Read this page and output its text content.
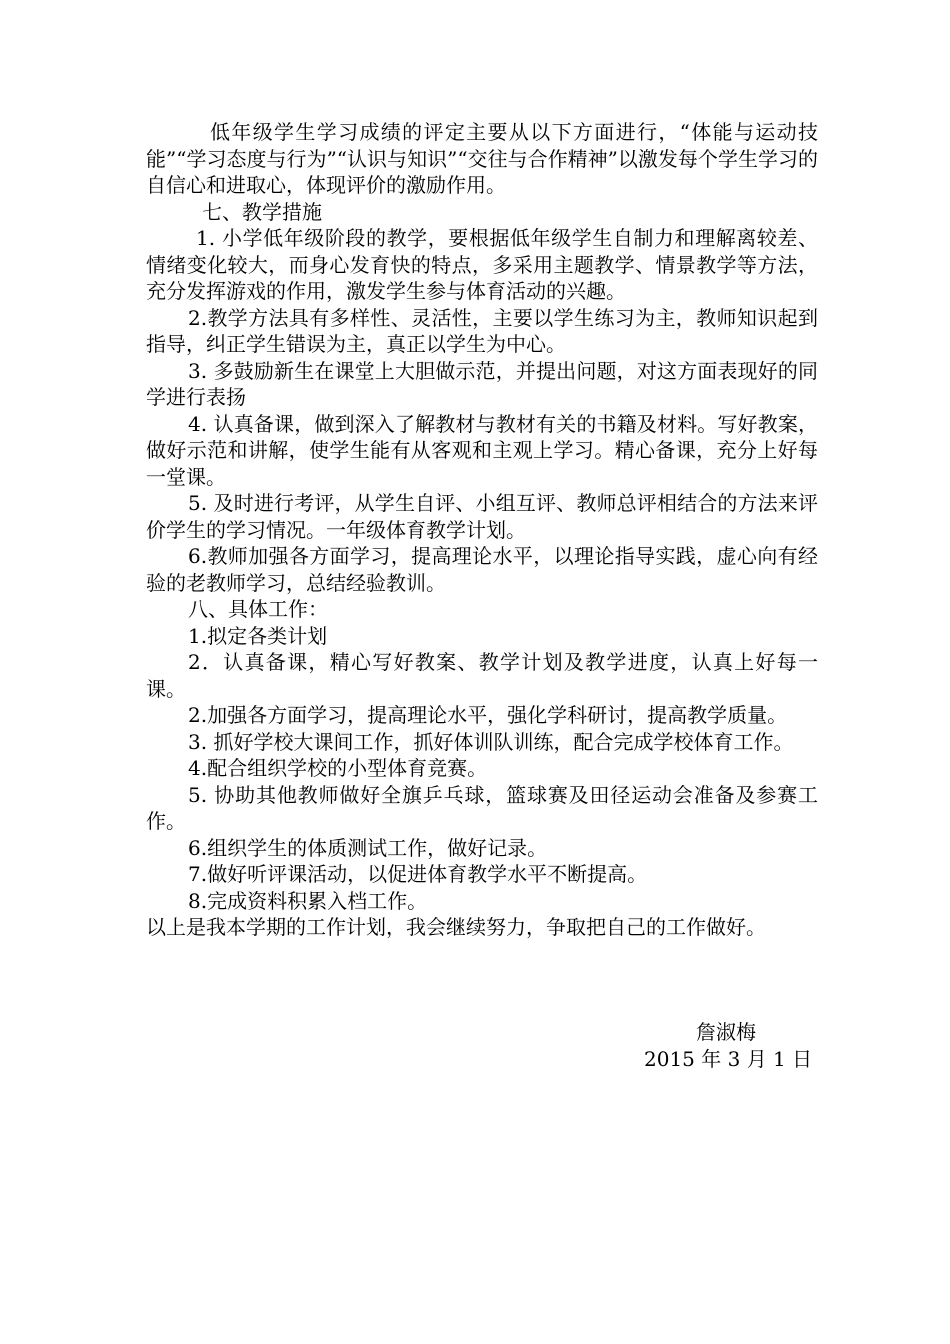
低年级学生学习成绩的评定主要从以下方面进行，“体能与运动技能”“学习态度与行为”“认识与知识”“交往与合作精神”以激发每个学生学习的自信心和进取心，体现评价的激励作用。

七、教学措施

1. 小学低年级阶段的教学，要根据低年级学生自制力和理解离较差、情绪变化较大，而身心发育快的特点，多采用主题教学、情景教学等方法，充分发挥游戏的作用，激发学生参与体育活动的兴趣。

2.教学方法具有多样性、灵活性，主要以学生练习为主，教师知识起到指导，纠正学生错误为主，真正以学生为中心。

3. 多鼓励新生在课堂上大胆做示范，并提出问题，对这方面表现好的同学进行表扬

4. 认真备课，做到深入了解教材与教材有关的书籍及材料。写好教案，做好示范和讲解，使学生能有从客观和主观上学习。精心备课，充分上好每一堂课。

5. 及时进行考评，从学生自评、小组互评、教师总评相结合的方法来评价学生的学习情况。一年级体育教学计划。

6.教师加强各方面学习，提高理论水平，以理论指导实践，虚心向有经验的老教师学习，总结经验教训。

八、具体工作：

1.拟定各类计划

2．认真备课，精心写好教案、教学计划及教学进度，认真上好每一课。

2.加强各方面学习，提高理论水平，强化学科研讨，提高教学质量。

3. 抓好学校大课间工作，抓好体训队训练，配合完成学校体育工作。

4.配合组织学校的小型体育竞赛。

5. 协助其他教师做好全旗乒乓球，篮球赛及田径运动会准备及参赛工作。

6.组织学生的体质测试工作，做好记录。

7.做好听评课活动，以促进体育教学水平不断提高。

8.完成资料积累入档工作。

以上是我本学期的工作计划，我会继续努力，争取把自己的工作做好。

詹淑梅
2015 年 3 月 1 日
